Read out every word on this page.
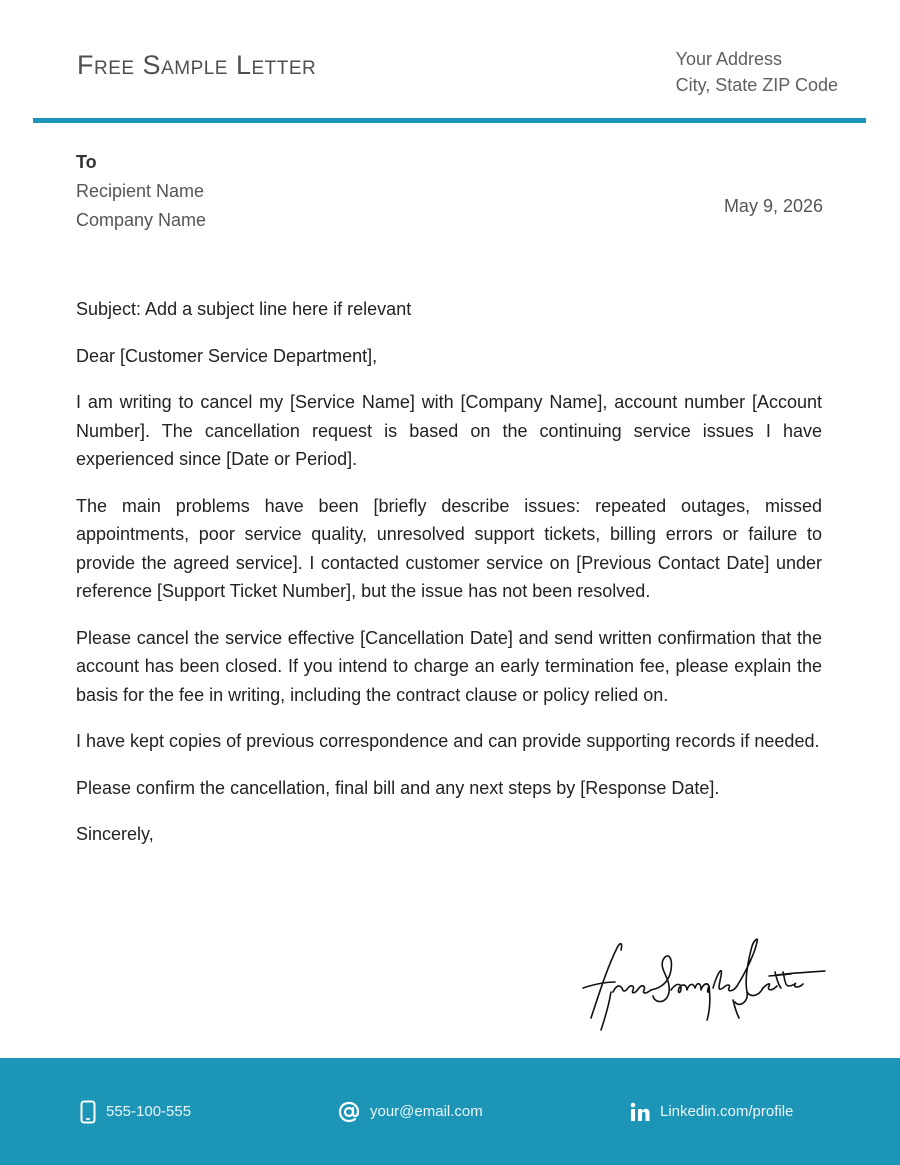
Free Sample Letter	Your Address
City, State ZIP Code
To
Recipient Name
Company Name
May 9, 2026

Subject: Add a subject line here if relevant

Dear [Customer Service Department],

I am writing to cancel my [Service Name] with [Company Name], account number [Account Number]. The cancellation request is based on the continuing service issues I have experienced since [Date or Period].

The main problems have been [briefly describe issues: repeated outages, missed appointments, poor service quality, unresolved support tickets, billing errors or failure to provide the agreed service]. I contacted customer service on [Previous Contact Date] under reference [Support Ticket Number], but the issue has not been resolved.

Please cancel the service effective [Cancellation Date] and send written confirmation that the account has been closed. If you intend to charge an early termination fee, please explain the basis for the fee in writing, including the contract clause or policy relied on.

I have kept copies of previous correspondence and can provide supporting records if needed.

Please confirm the cancellation, final bill and any next steps by [Response Date].

Sincerely,

555-100-555	your@email.com	Linkedin.com/profile
